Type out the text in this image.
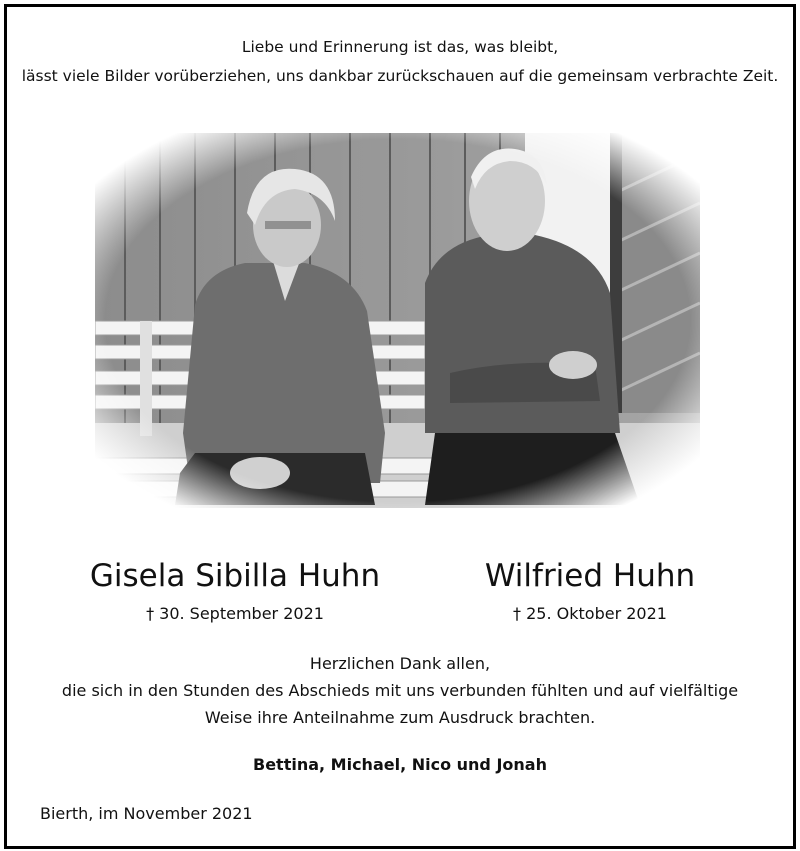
Liebe und Erinnerung ist das, was bleibt,
lässt viele Bilder vorüberziehen, uns dankbar zurückschauen auf die gemeinsam verbrachte Zeit.
Gisela Sibilla Huhn
† 30. September 2021
Wilfried Huhn
† 25. Oktober 2021
Herzlichen Dank allen,
die sich in den Stunden des Abschieds mit uns verbunden fühlten und auf vielfältige
Weise ihre Anteilnahme zum Ausdruck brachten.
Bettina, Michael, Nico und Jonah
Bierth, im November 2021
